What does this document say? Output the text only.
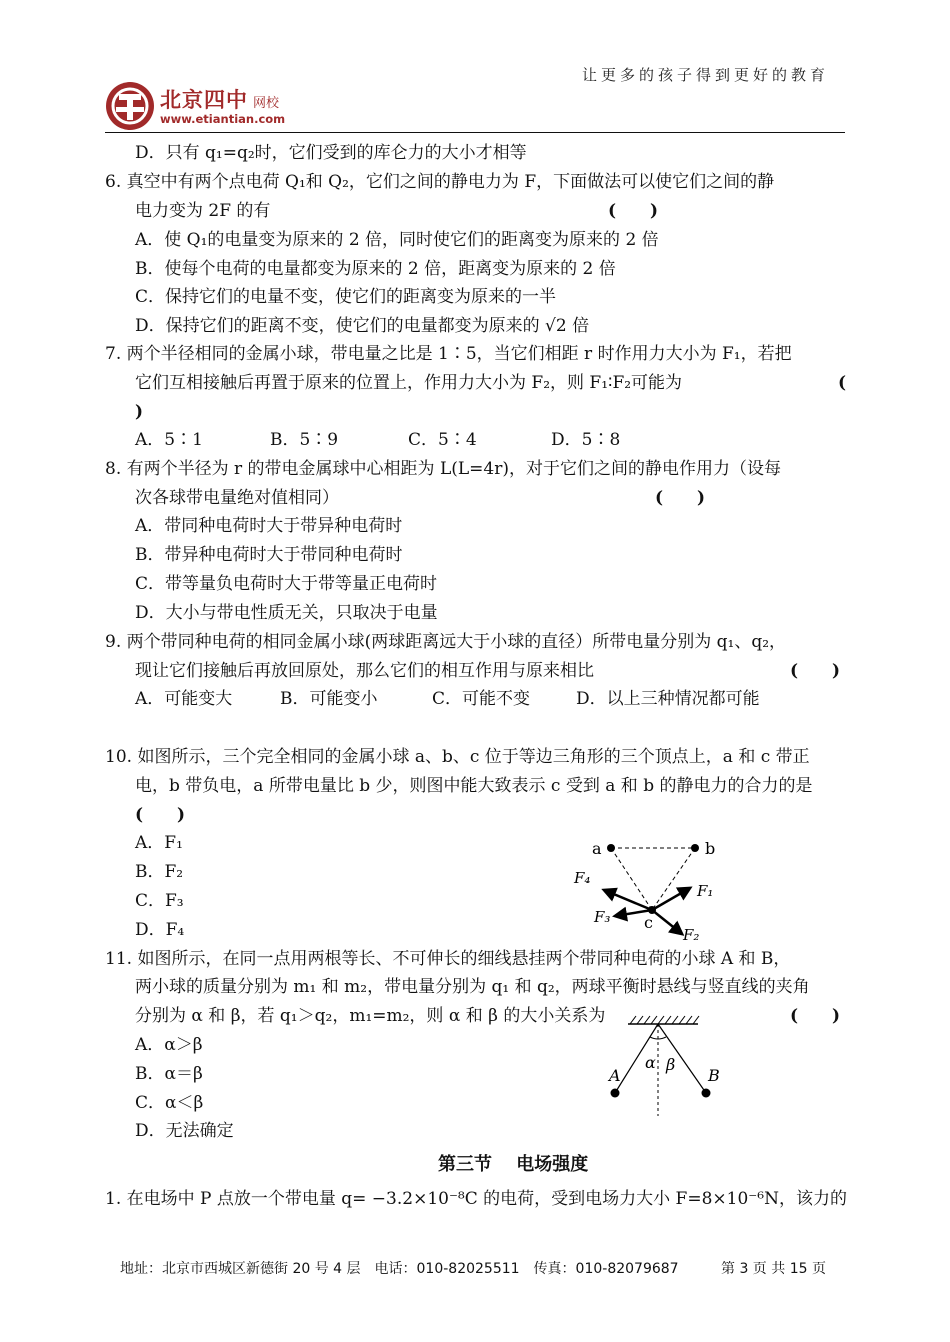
让更多的孩子得到更好的教育
北京四中 网校
www.etiantian.com
D．只有 q₁=q₂时，它们受到的库仑力的大小才相等
6. 真空中有两个点电荷 Q₁和 Q₂，它们之间的静电力为 F，下面做法可以使它们之间的静
电力变为 2F 的有	(　　)
A．使 Q₁的电量变为原来的 2 倍，同时使它们的距离变为原来的 2 倍
B．使每个电荷的电量都变为原来的 2 倍，距离变为原来的 2 倍
C．保持它们的电量不变，使它们的距离变为原来的一半
D．保持它们的距离不变，使它们的电量都变为原来的 √2 倍
7. 两个半径相同的金属小球，带电量之比是 1∶5，当它们相距 r 时作用力大小为 F₁，若把
它们互相接触后再置于原来的位置上，作用力大小为 F₂，则 F₁∶F₂可能为	(
)
A．5∶1	B．5∶9	C．5∶4	D．5∶8
8. 有两个半径为 r 的带电金属球中心相距为 L(L=4r)，对于它们之间的静电作用力（设每
次各球带电量绝对值相同）	(　　)
A．带同种电荷时大于带异种电荷时
B．带异种电荷时大于带同种电荷时
C．带等量负电荷时大于带等量正电荷时
D．大小与带电性质无关，只取决于电量
9. 两个带同种电荷的相同金属小球(两球距离远大于小球的直径）所带电量分别为 q₁、q₂，
现让它们接触后再放回原处，那么它们的相互作用与原来相比	(　　)
A．可能变大	B．可能变小	C．可能不变	D．以上三种情况都可能
10. 如图所示，三个完全相同的金属小球 a、b、c 位于等边三角形的三个顶点上，a 和 c 带正
电，b 带负电，a 所带电量比 b 少，则图中能大致表示 c 受到 a 和 b 的静电力的合力的是
(　　)
A．F₁
B．F₂
C．F₃
D．F₄
a	b
c
F₁
F₂
F₃
F₄
11. 如图所示，在同一点用两根等长、不可伸长的细线悬挂两个带同种电荷的小球 A 和 B，
两小球的质量分别为 m₁ 和 m₂，带电量分别为 q₁ 和 q₂，两球平衡时悬线与竖直线的夹角
分别为 α 和 β，若 q₁＞q₂，m₁=m₂，则 α 和 β 的大小关系为	(　　)
A．α＞β
B．α＝β
C．α＜β
D．无法确定
A	B
α β
第三节　 电场强度
1. 在电场中 P 点放一个带电量 q= −3.2×10⁻⁸C 的电荷，受到电场力大小 F=8×10⁻⁶N，该力的
地址：北京市西城区新德街 20 号 4 层　电话：010-82025511　传真：010-82079687	第 3 页 共 15 页
